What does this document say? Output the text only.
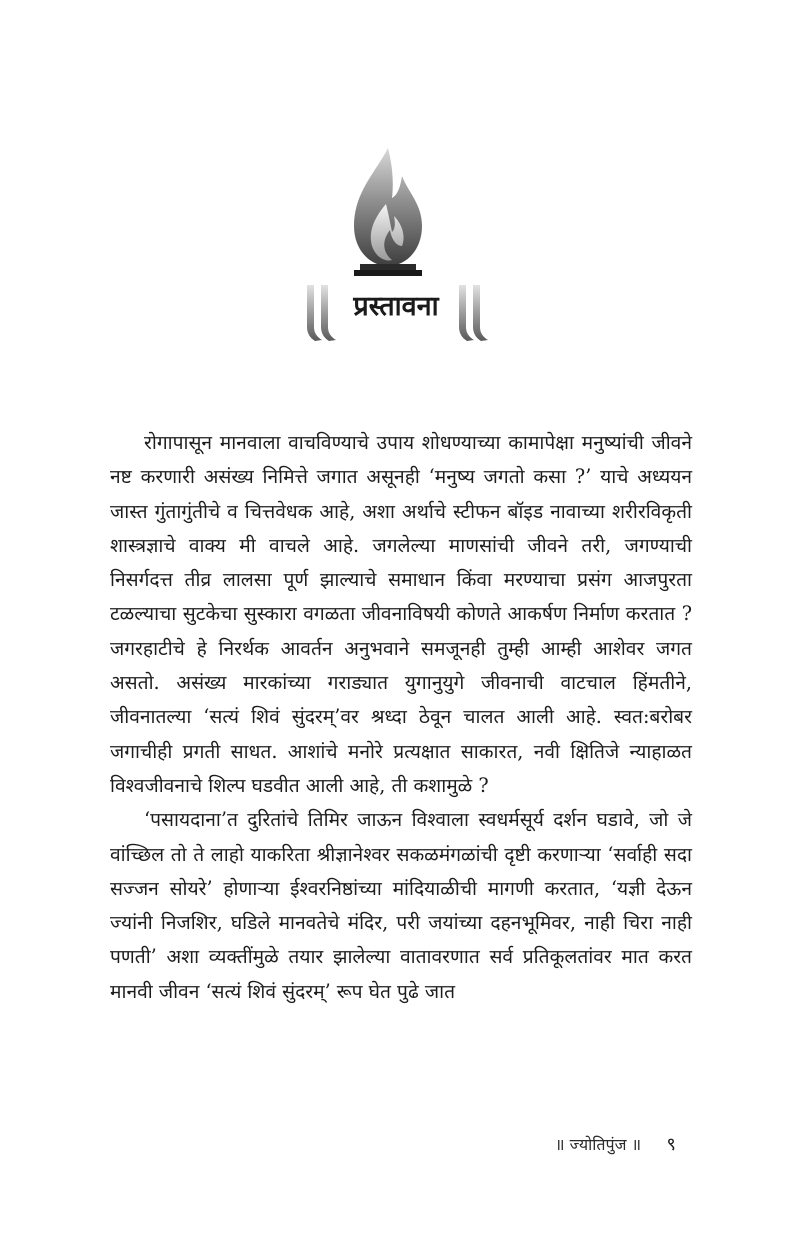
प्रस्तावना

रोगापासून मानवाला वाचविण्याचे उपाय शोधण्याच्या कामापेक्षा मनुष्यांची जीवने नष्ट करणारी असंख्य निमित्ते जगात असूनही ‘मनुष्य जगतो कसा ?’ याचे अध्ययन जास्त गुंतागुंतीचे व चित्तवेधक आहे, अशा अर्थाचे स्टीफन बॉइड नावाच्या शरीरविकृती शास्त्रज्ञाचे वाक्य मी वाचले आहे. जगलेल्या माणसांची जीवने तरी, जगण्याची निसर्गदत्त तीव्र लालसा पूर्ण झाल्याचे समाधान किंवा मरण्याचा प्रसंग आजपुरता टळल्याचा सुटकेचा सुस्कारा वगळता जीवनाविषयी कोणते आकर्षण निर्माण करतात ? जगरहाटीचे हे निरर्थक आवर्तन अनुभवाने समजूनही तुम्ही आम्ही आशेवर जगत असतो. असंख्य मारकांच्या गराड्यात युगानुयुगे जीवनाची वाटचाल हिंमतीने, जीवनातल्या ‘सत्यं शिवं सुंदरम्’वर श्रध्दा ठेवून चालत आली आहे. स्वत:बरोबर जगाचीही प्रगती साधत. आशांचे मनोरे प्रत्यक्षात साकारत, नवी क्षितिजे न्याहाळत विश्वजीवनाचे शिल्प घडवीत आली आहे, ती कशामुळे ?

‘पसायदाना’त दुरितांचे तिमिर जाऊन विश्वाला स्वधर्मसूर्य दर्शन घडावे, जो जे वांच्छिल तो ते लाहो याकरिता श्रीज्ञानेश्वर सकळमंगळांची दृष्टी करणाऱ्या ‘सर्वाही सदा सज्जन सोयरे’ होणाऱ्या ईश्वरनिष्ठांच्या मांदियाळीची मागणी करतात, ‘यज्ञी देऊन ज्यांनी निजशिर, घडिले मानवतेचे मंदिर, परी जयांच्या दहनभूमिवर, नाही चिरा नाही पणती’ अशा व्यक्तींमुळे तयार झालेल्या वातावरणात सर्व प्रतिकूलतांवर मात करत मानवी जीवन ‘सत्यं शिवं सुंदरम्’ रूप घेत पुढे जात

॥ ज्योतिपुंज ॥ ९
